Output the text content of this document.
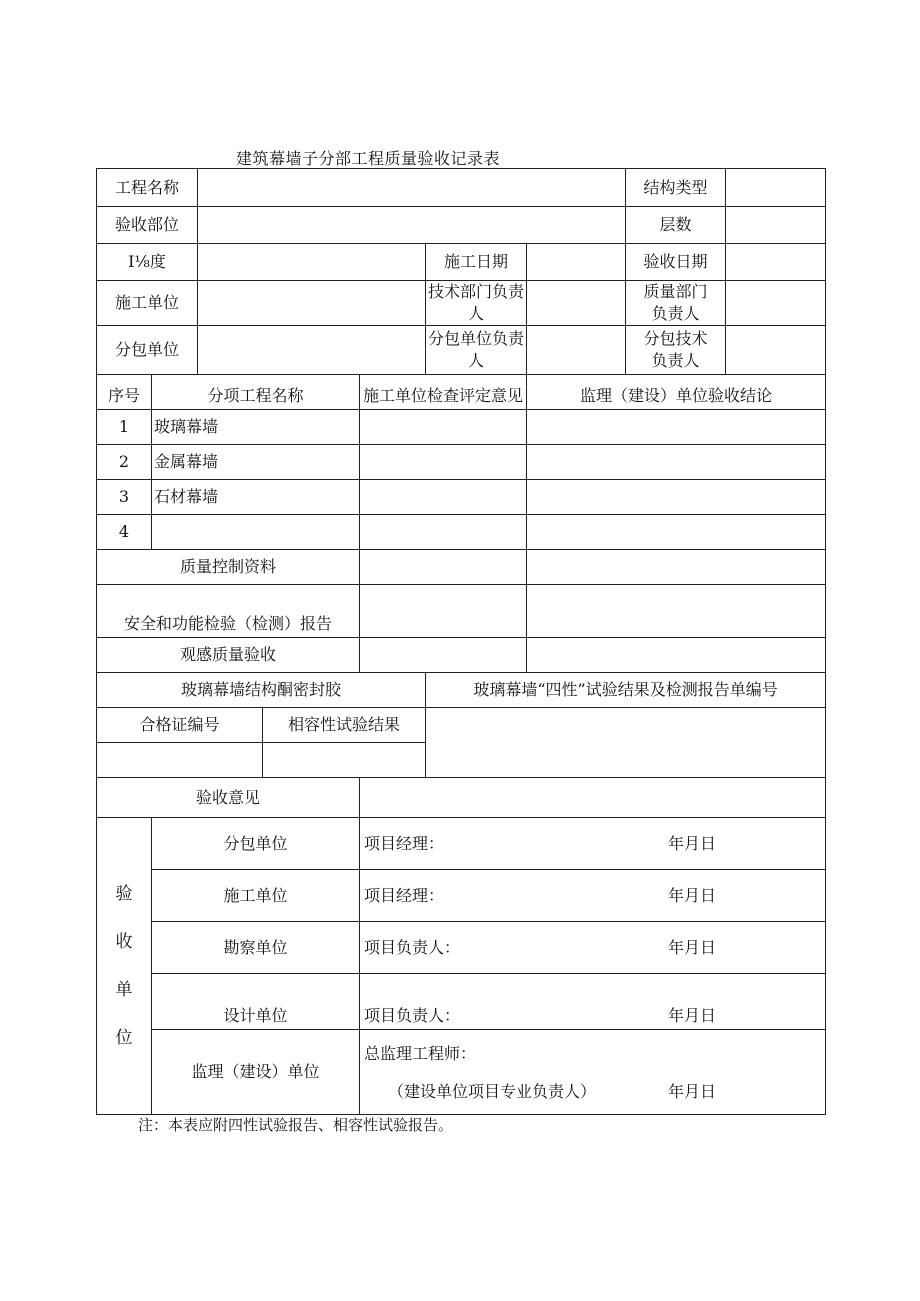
建筑幕墙子分部工程质量验收记录表
工程名称							结构类型	
验收部位							层数	
I⅛度					施工日期		验收日期	
施工单位					技术部门负责人		质量部门负责人	

分包单位					分包单位负责人		分包技术负责人	

序号	分项工程名称			施工单位检查评定意见		监理（建设）单位验收结论		
1	玻璃幕墙							
2	金属幕墙							
3	石材幕墙							
4								
质量控制资料								
安全和功能检验（检测）报告								
观感质量验收								
玻璃幕墙结构酮密封胶					玻璃幕墙“四性”试验结果及检测报告单编号			
合格证编号			相容性试验结果					

验收意见								

验
收
单
位	分包单位			项目经理： 年月日				

	施工单位			项目经理： 年月日				

	勘察单位			项目负责人： 年月日				

	设计单位			项目负责人： 年月日				

	监理（建设）单位			总监理工程师：
（建设单位项目专业负责人） 年月日				
注：本表应附四性试验报告、相容性试验报告。
